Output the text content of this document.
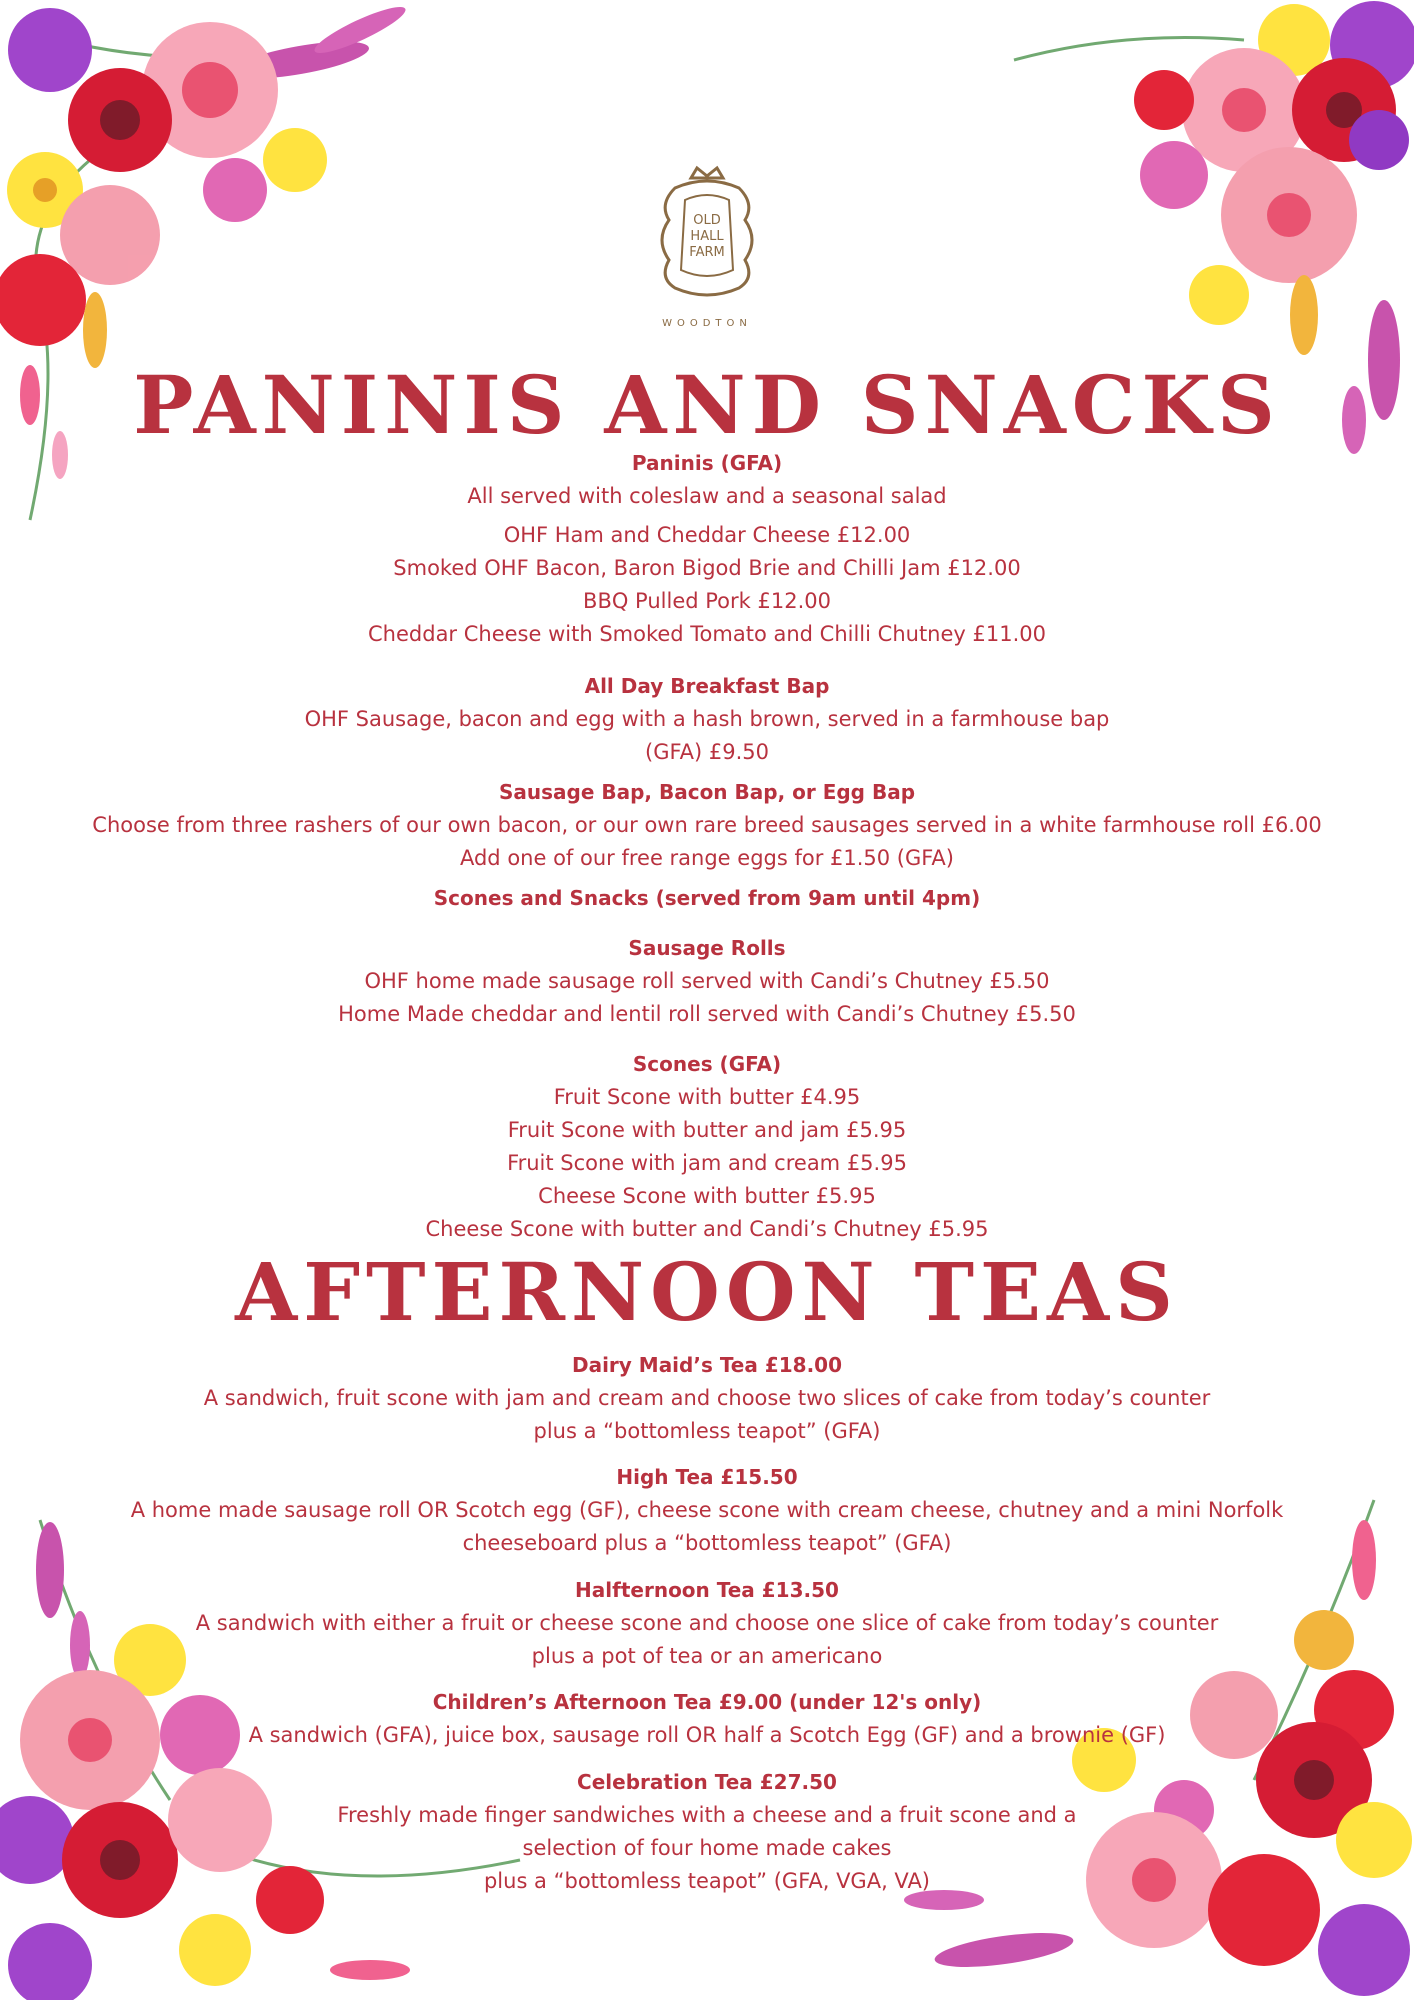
OLD
HALL
FARM
WOODTON
PANINIS AND SNACKS
Paninis (GFA)
All served with coleslaw and a seasonal salad
OHF Ham and Cheddar Cheese £12.00
Smoked OHF Bacon, Baron Bigod Brie and Chilli Jam £12.00
BBQ Pulled Pork £12.00
Cheddar Cheese with Smoked Tomato and Chilli Chutney £11.00
All Day Breakfast Bap
OHF Sausage, bacon and egg with a hash brown, served in a farmhouse bap
(GFA) £9.50
Sausage Bap, Bacon Bap, or Egg Bap
Choose from three rashers of our own bacon, or our own rare breed sausages served in a white farmhouse roll £6.00
Add one of our free range eggs for £1.50 (GFA)
Scones and Snacks (served from 9am until 4pm)
Sausage Rolls
OHF home made sausage roll served with Candi’s Chutney £5.50
Home Made cheddar and lentil roll served with Candi’s Chutney £5.50
Scones (GFA)
Fruit Scone with butter £4.95
Fruit Scone with butter and jam £5.95
Fruit Scone with jam and cream £5.95
Cheese Scone with butter £5.95
Cheese Scone with butter and Candi’s Chutney £5.95
AFTERNOON TEAS
Dairy Maid’s Tea £18.00
A sandwich, fruit scone with jam and cream and choose two slices of cake from today’s counter
plus a “bottomless teapot” (GFA)
High Tea £15.50
A home made sausage roll OR Scotch egg (GF), cheese scone with cream cheese, chutney and a mini Norfolk
cheeseboard plus a “bottomless teapot” (GFA)
Halfternoon Tea £13.50
A sandwich with either a fruit or cheese scone and choose one slice of cake from today’s counter
plus a pot of tea or an americano
Children’s Afternoon Tea £9.00 (under 12's only)
A sandwich (GFA), juice box, sausage roll OR half a Scotch Egg (GF) and a brownie (GF)
Celebration Tea £27.50
Freshly made finger sandwiches with a cheese and a fruit scone and a
selection of four home made cakes
plus a “bottomless teapot” (GFA, VGA, VA)
